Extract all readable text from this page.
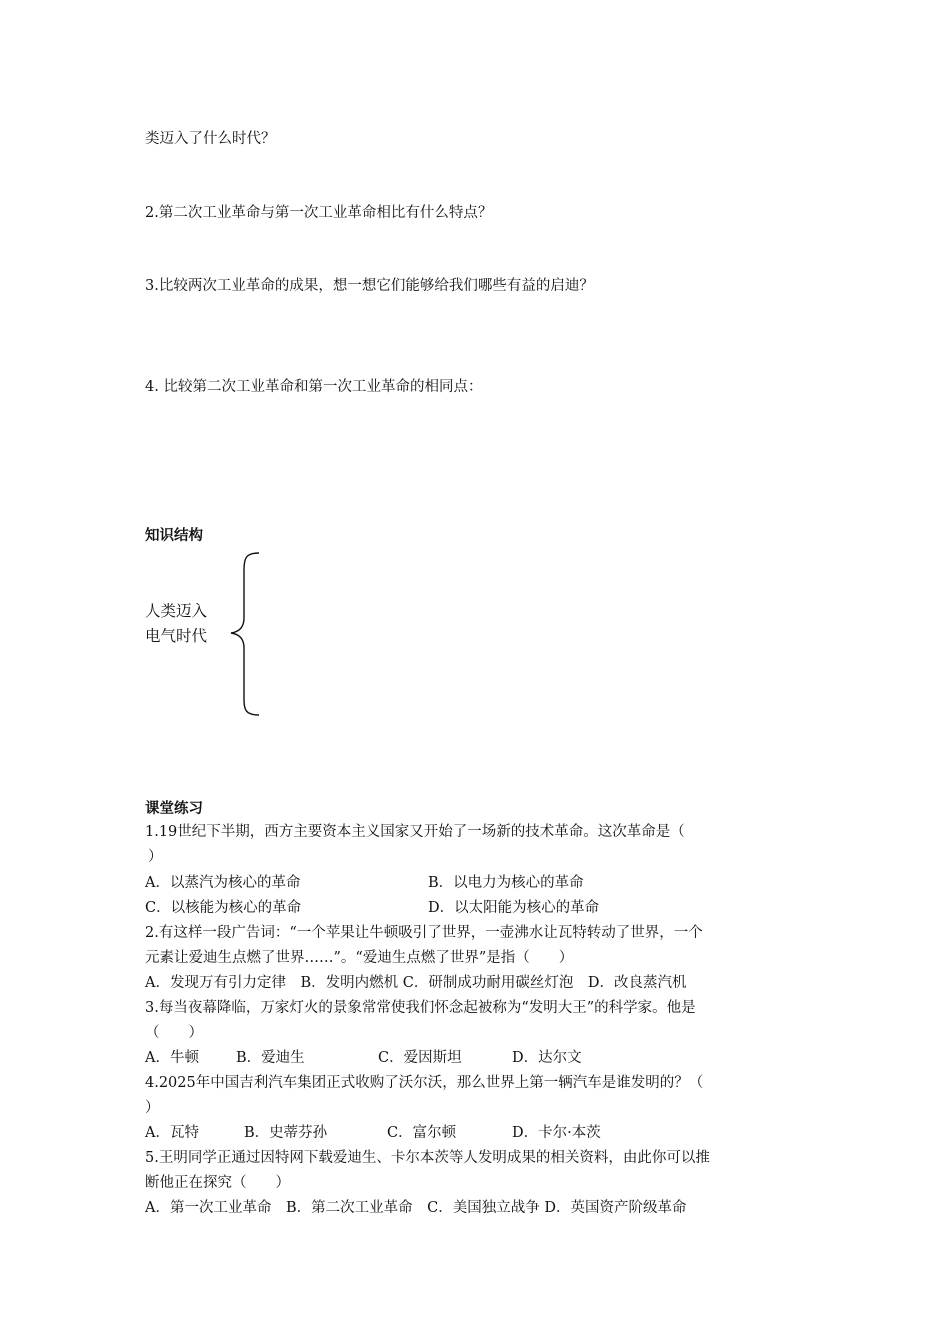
类迈入了什么时代？
2.第二次工业革命与第一次工业革命相比有什么特点？
3.比较两次工业革命的成果，想一想它们能够给我们哪些有益的启迪？
4. 比较第二次工业革命和第一次工业革命的相同点：
知识结构
人类迈入
电气时代
课堂练习
1.19世纪下半期，西方主要资本主义国家又开始了一场新的技术革命。这次革命是（
）
A．以蒸汽为核心的革命	B．以电力为核心的革命
C．以核能为核心的革命	D．以太阳能为核心的革命
2.有这样一段广告词：“一个苹果让牛顿吸引了世界，一壶沸水让瓦特转动了世界，一个
元素让爱迪生点燃了世界……”。“爱迪生点燃了世界”是指（　　）
A．发现万有引力定律　B．发明内燃机 C．研制成功耐用碳丝灯泡　D．改良蒸汽机
3.每当夜幕降临，万家灯火的景象常常使我们怀念起被称为“发明大王”的科学家。他是
（　　）
A．牛顿	B．爱迪生	C．爱因斯坦	D．达尔文
4.2025年中国吉利汽车集团正式收购了沃尔沃，那么世界上第一辆汽车是谁发明的？（
）
A．瓦特	B．史蒂芬孙	C．富尔顿	D．卡尔·本茨
5.王明同学正通过因特网下载爱迪生、卡尔本茨等人发明成果的相关资料，由此你可以推
断他正在探究（　　）
A．第一次工业革命　B．第二次工业革命　C．美国独立战争 D．英国资产阶级革命
